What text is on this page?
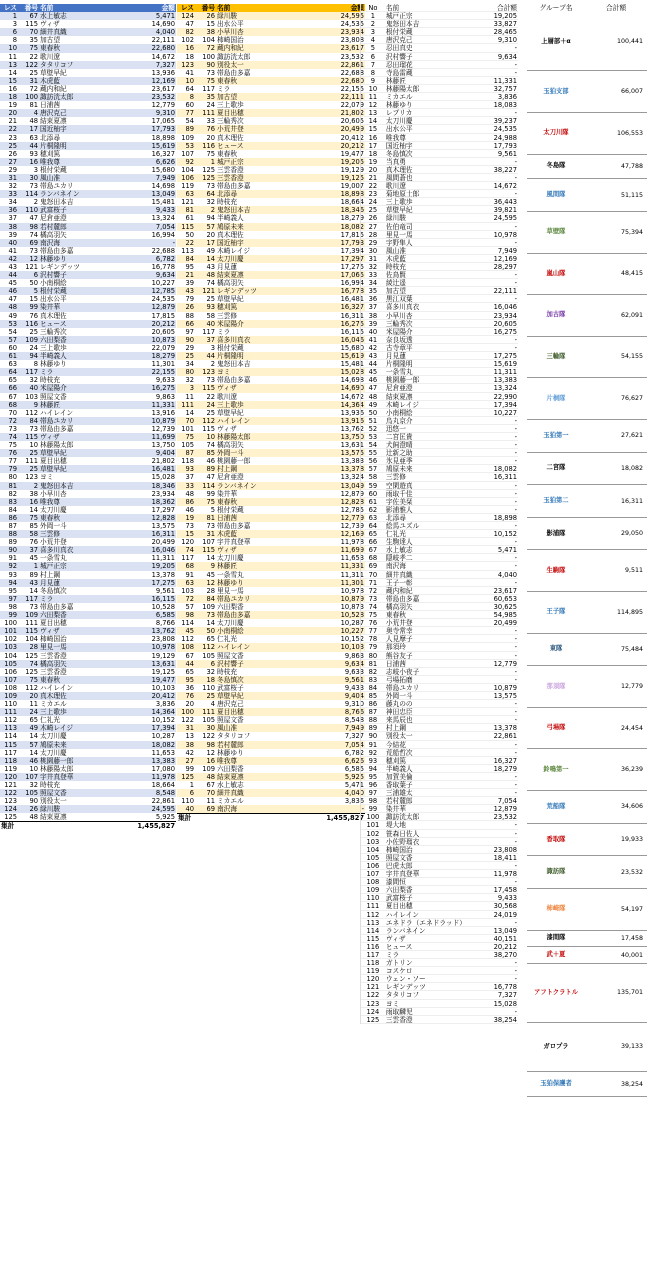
レス	番号 名前	金額
1	67 水上敏志	5,471
3	115 ヴィザ	14,690
6	70 細井真織	4,040
8	35 加古望	22,111
10	75 東春秋	22,680
11	22 歌川遼	14,672
13	122 タタリコフ	7,327
14	25 草壁早紀	13,936
15	31 木虎藍	12,169
16	72 蔵内和紀	23,617
18	100 諏訪洸太郎	23,532
19	81 日浦茜	12,779
20	4 唐沢克己	9,310
21	48 結束夏凛	17,065
22	17 国近柚宇	17,793
23	63 北添尋	18,898
25	44 片桐隆明	15,619
26	93 穂刈篤	16,327
27	16 唯我尊	6,626
29	3 根付栄蔵	15,680
31	30 風山准	7,949
32	73 帯島ユカリ	14,698
33	114 ランバネイン	13,049
34	2 鬼怒田本吉	15,481
36	110 武富桜子	9,433
37	47 尼倉亜澄	13,324
38	98 若村麓郎	7,054
39	74 橘高羽矢	16,994
40	69 南沢海	-
41	73 帯島由多嘉	22,688
42	12 林藤ゆり	6,782
43	121 レギンデッツ	16,778
44	6 沢村響子	9,634
45	50 小南桐絵	10,227
46	5 根付栄蔵	12,785
47	15 出水公平	24,535
48	99 染井華	12,879
49	76 真木理佐	17,815
53	116 ヒュース	20,212
54	25 三輪秀次	20,605
57	109 六田梨香	10,873
60	24 三上歌歩	22,079
61	94 半崎義人	18,279
63	8 林藤ゆり	11,301
64	117 ミラ	22,155
65	32 時枝充	9,633
66	40 米屋陽介	16,275
67	103 照屋文香	9,863
68	9 林藤匠	11,331
70	112 ハイレイン	13,916
72	84 帯島ユカリ	10,879
73	73 帯島由多嘉	12,739
74	115 ヴィザ	11,699
75	10 林藤陽太郎	13,750
76	25 草壁早紀	9,404
77	111 夏目出穂	21,802
79	25 草壁早紀	16,481
80	123 ヨミ	15,028
81	2 鬼怒田本吉	18,346
82	38 小早川杏	23,934
83	16 唯我尊	18,362
84	14 太刀川慶	17,297
86	75 東春秋	12,828
87	85 外岡一斗	13,575
88	58 三雲修	16,311
89	76 小荒井登	20,499
90	37 喜多川真衣	16,046
91	45 一条雪丸	11,311
92	1 城戸正宗	19,205
93	89 村上鋼	13,378
94	43 月見蓮	17,275
95	14 冬島慎次	9,561
97	117 ミラ	16,115
98	73 帯島由多嘉	10,528
99	109 六田梨香	6,585
100	111 夏目出穂	8,766
101	115 ヴィザ	13,762
102	104 柿崎国治	23,808
103	28 里見一馬	10,978
104	125 三雲香澄	19,129
105	74 橘高羽矢	13,631
106	125 三雲香澄	19,125
107	75 東春秋	19,477
108	112 ハイレイン	10,103
109	20 真木理佐	20,412
110	11 ミカエル	3,836
111	24 三上歌歩	14,364
112	65 仁礼光	10,152
113	49 木崎レイジ	17,394
114	14 太刀川慶	10,287
115	57 鳩原未来	18,082
117	14 太刀川慶	11,653
118	46 桃園藤一郎	13,383
119	10 林藤陽太郎	17,080
120	107 宇井真登華	11,978
121	32 時枝充	18,664
122	105 照屋文香	8,548
123	90 別役太一	22,861
124	26 緑川駿	24,595
125	48 結束夏凛	5,925
集計	1,455,827
レス	番号 名前	金額
124	26 緑川駿	24,595
47	15 出水公平	24,535
82	38 小早川杏	23,934
102	104 柿崎国治	23,808
16	72 蔵内和紀	23,617
18	100 諏訪洸太郎	23,532
123	90 別役太一	22,861
41	73 帯島由多嘉	22,688
10	75 東春秋	22,680
64	117 ミラ	22,155
8	35 加古望	22,111
60	24 三上歌歩	22,079
77	111 夏目出穂	21,802
54	33 三輪秀次	20,605
89	76 小荒井登	20,499
109	20 真木理佐	20,412
53	116 ヒュース	20,212
107	75 東春秋	19,477
92	1 城戸正宗	19,205
104	125 三雲香澄	19,129
106	125 三雲香澄	19,125
119	73 帯島由多嘉	19,007
63	64 北添尋	18,898
121	32 時枝充	18,664
81	2 鬼怒田本吉	18,346
61	94 半崎義人	18,279
115	57 鳩原未来	18,082
50	20 真木理佐	17,815
22	17 国近柚宇	17,793
113	49 木崎レイジ	17,394
84	14 太刀川慶	17,297
95	43 月見蓮	17,275
21	48 結束夏凛	17,065
39	74 橘高羽矢	16,994
43	121 レギンデッツ	16,778
79	25 草壁早紀	16,481
26	93 穂刈篤	16,327
88	58 三雲修	16,311
66	40 米屋陽介	16,275
97	117 ミラ	16,115
90	37 喜多川真衣	16,046
29	3 根付栄蔵	15,680
25	44 片桐隆明	15,619
34	2 鬼怒田本吉	15,481
80	123 ヨミ	15,028
32	73 帯島由多嘉	14,698
3	115 ヴィザ	14,690
11	22 歌川遼	14,672
111	24 三上歌歩	14,364
14	25 草壁早紀	13,936
70	112 ハイレイン	13,916
101	115 ヴィザ	13,762
75	10 林藤陽太郎	13,750
105	74 橘高羽矢	13,631
87	85 外岡一斗	13,575
118	46 桃園藤一郎	13,383
93	89 村上鋼	13,378
37	47 尼倉亜澄	13,324
33	114 ランバネイン	13,049
48	99 染井華	12,879
86	75 東春秋	12,828
46	5 根付栄蔵	12,785
19	81 日浦茜	12,779
73	73 帯島由多嘉	12,739
15	31 木虎藍	12,169
120	107 宇井真登華	11,978
74	115 ヴィザ	11,699
117	14 太刀川慶	11,653
68	9 林藤匠	11,331
91	45 一条雪丸	11,311
63	12 林藤ゆり	11,301
103	28 里見一馬	10,978
72	84 帯島ユカリ	10,879
57	109 六田梨香	10,873
98	73 帯島由多嘉	10,528
114	14 太刀川慶	10,287
45	50 小南桐絵	10,227
112	65 仁礼光	10,152
108	112 ハイレイン	10,103
67	105 照屋文香	9,863
44	6 沢村響子	9,634
65	32 時枝充	9,633
95	18 冬島慎次	9,561
36	110 武富桜子	9,433
76	25 草壁早紀	9,404
20	4 唐沢克己	9,310
100	111 夏目出穂	8,766
122	105 照屋文香	8,548
31	30 風山准	7,949
13	122 タタリコフ	7,327
38	98 若村麓郎	7,054
42	12 林藤ゆり	6,782
27	16 唯我尊	6,626
99	109 六田梨香	6,585
125	48 結束夏凛	5,925
1	67 水上敏志	5,471
6	70 細井真織	4,040
110	11 ミカエル	3,836
40	69 南沢海	-
集計	1,455,827
No	名前	合計額
1	城戸正宗	19,205
2	鬼怒田本吉	33,827
3	根付栄蔵	28,465
4	唐沢克己	9,310
5	忍田真史	-
6	沢村響子	9,634
7	忍田瑠花	-
8	寺島雷蔵	-
9	林藤匠	11,331
10	林藤陽太郎	32,757
11	ミカエル	3,836
12	林藤ゆり	18,083
13	レプリカ	-
14	太刀川慶	39,237
15	出水公平	24,535
16	唯我尊	24,988
17	国近柚宇	17,793
18	冬島慎次	9,561
19	当真勇	-
20	真木理佐	38,227
21	風間蒼也	-
22	歌川遼	14,672
23	菊地原士郎	-
24	三上歌歩	36,443
25	草壁早紀	39,821
26	緑川駿	24,595
27	佐伯竜司	-
28	里見一馬	10,978
29	宇野隼人	-
30	風山准	7,949
31	木虎藍	12,169
32	時枝充	28,297
33	佐鳥賢	-
34	綾辻遥	-
35	加古望	22,111
36	黒江双葉	-
37	喜多川真衣	16,046
38	小早川杏	23,934
39	三輪秀次	20,605
40	米屋陽介	16,275
41	奈良坂透	-
42	古寺章平	-
43	月見蓮	17,275
44	片桐隆明	15,619
45	一条雪丸	11,311
46	桃園藤一郎	13,383
47	尼倉亜澄	13,324
48	結束夏凛	22,990
49	木崎レイジ	17,394
50	小南桐絵	10,227
51	烏丸京介	-
52	迅悠一	-
53	二宮匡貴	-
54	犬飼澄晴	-
55	辻新之助	-
56	氷見亜季	-
57	鳩原未来	18,082
58	三雲修	16,311
59	空閑遊真	-
60	雨取千佳	-
61	宇佐美栞	-
62	影浦雅人	-
63	北添尋	18,898
64	絵馬ユズル	-
65	仁礼光	10,152
66	生駒達人	-
67	水上敏志	5,471
68	隠岐孝二	-
69	南沢海	-
70	細井真織	4,040
71	王子一彰	-
72	蔵内和紀	23,617
73	帯島由多嘉	60,653
74	橘高羽矢	30,625
75	東春秋	54,985
76	小荒井登	20,499
77	奥寺常幸	-
78	人見摩子	-
79	那須玲	-
80	熊谷友子	-
81	日浦茜	12,779
82	志岐小夜子	-
83	弓場拓磨	-
84	帯島ユカリ	10,879
85	外岡一斗	13,575
86	藤丸のの	-
87	神田忠臣	-
88	来馬辰也	-
89	村上鋼	13,378
90	別役太一	22,861
91	今結花	-
92	荒船哲次	-
93	穂刈篤	16,327
94	半崎義人	18,279
95	加賀美倫	-
96	香取葉子	-
97	三浦雄太	-
98	若村麓郎	7,054
99	染井華	12,879
100 諏訪洸太郎	23,532
101 堤大地	-
102 笹森日佐人	-
103 小佐野瑠衣	-
104 柿崎国治	23,808
105 照屋文香	18,411
106 巴虎太郎	-
107 宇井真登華	11,978
108 漆間恒	-
109 六田梨香	17,458
110 武富桜子	9,433
111 夏目出穂	30,568
112 ハイレイン	24,019
113 エネドラ（エネドラッド）	-
114 ランバネイン	13,049
115 ヴィザ	40,151
116 ヒュース	20,212
117 ミラ	38,270
118 ガトリン	-
119 コスケロ	-
120 ウェン・ソー	-
121 レギンデッツ	16,778
122 タタリコフ	7,327
123 ヨミ	15,028
124 雨取麟児	-
125 三雲香澄	38,254
グループ名	合計額
上層部＋α	100,441
玉狛支部	66,007
太刀川隊	106,553
冬島隊	47,788
風間隊	51,115
草壁隊	75,394
嵐山隊	48,415
加古隊	62,091
三輪隊	54,155
片桐隊	76,627
玉狛第一	27,621
二宮隊	18,082
玉狛第二	16,311
影浦隊	29,050
生駒隊	9,511
王子隊	114,895
東隊	75,484
那須隊	12,779
弓場隊	24,454
鈴鳴第一	36,239
荒船隊	34,606
香取隊	19,933
諏訪隊	23,532
柿崎隊	54,197
漆間隊	17,458
武＋夏	40,001
アフトクラトル	135,701
ガロプラ	39,133
玉狛保護者	38,254
